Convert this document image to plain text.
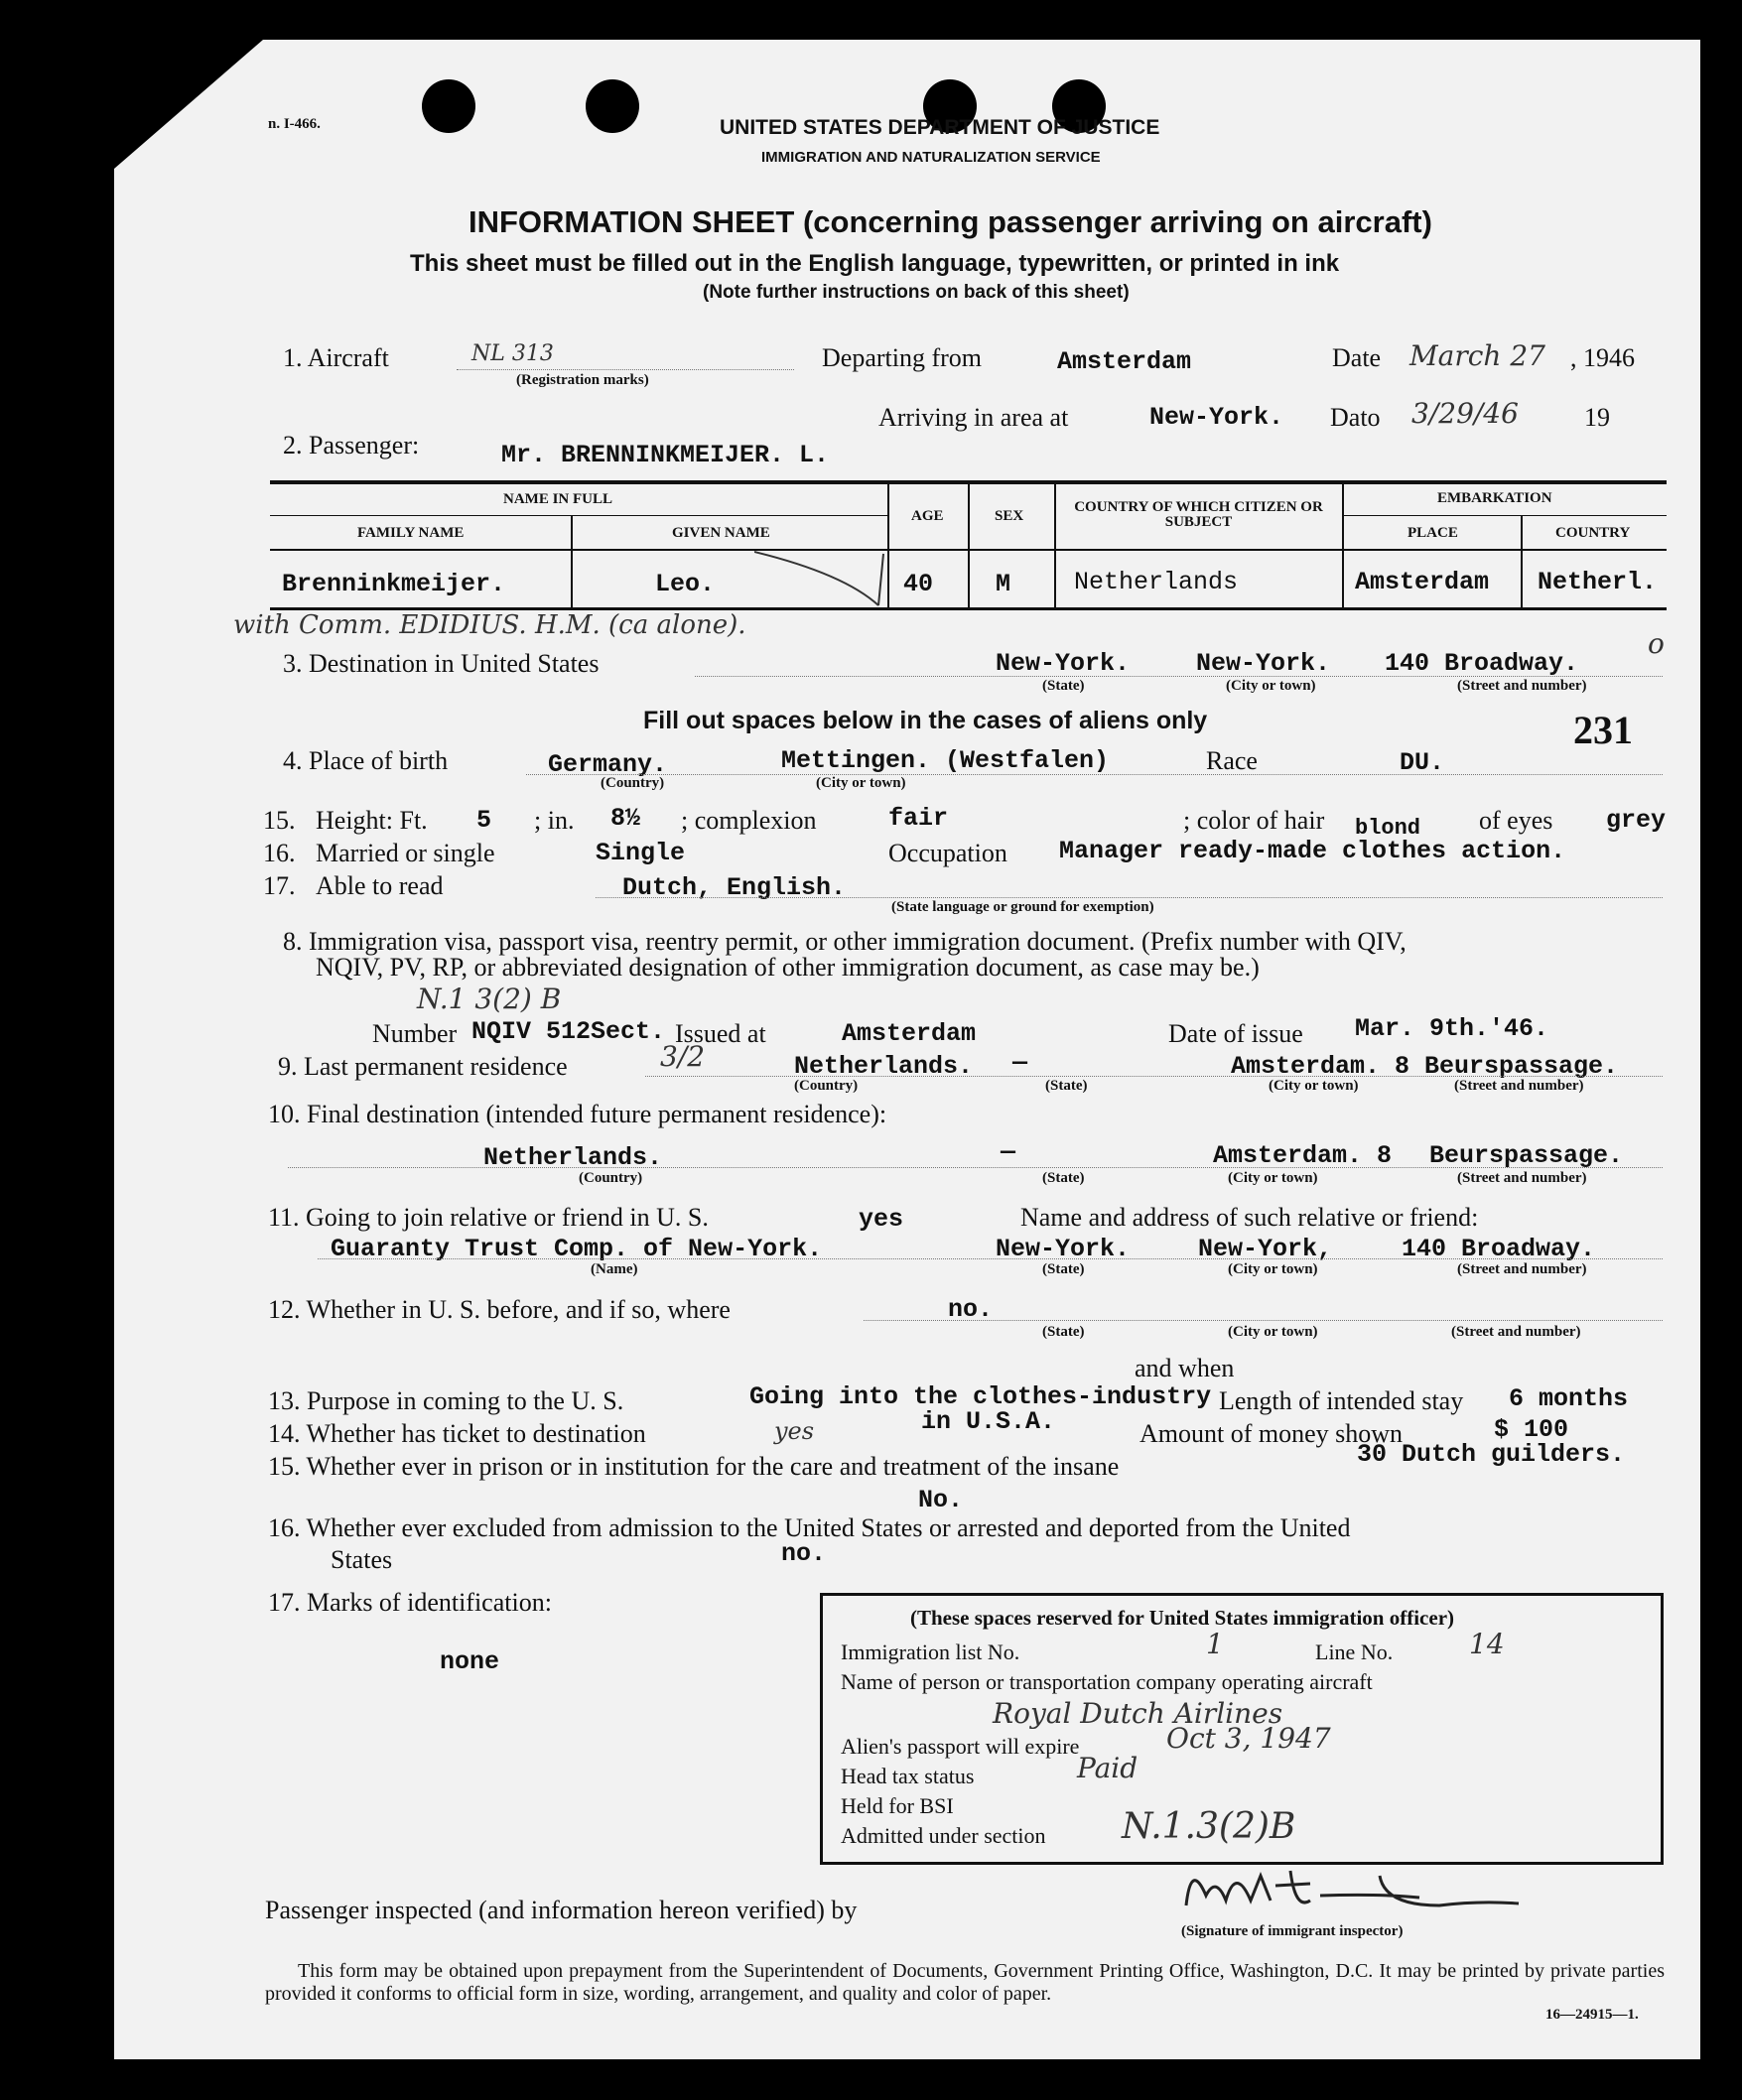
n. I-466.	UNITED STATES DEPARTMENT OF JUSTICE
IMMIGRATION AND NATURALIZATION SERVICE
INFORMATION SHEET (concerning passenger arriving on aircraft)
This sheet must be filled out in the English language, typewritten, or printed in ink
(Note further instructions on back of this sheet)
1. Aircraft	NL 313
(Registration marks)
Departing from	Amsterdam	Date March 27 , 1946
Arriving in area at	New-York. Dato 3/29/46	19
2. Passenger:	Mr. BRENNINKMEIJER. L.
NAME IN FULL
FAMILY NAME	GIVEN NAME
AGE	SEX
COUNTRY OF WHICH CITIZEN OR SUBJECT
EMBARKATION
PLACE	COUNTRY
Brenninkmeijer.	Leo.	40	M	Netherlands	Amsterdam Netherl.
with Comm. EDIDIUS. H.M. (ca alone).
3. Destination in United States	New-York.	New-York. 140 Broadway.
o
(State)	(City or town)	(Street and number)
Fill out spaces below in the cases of aliens only	231
4. Place of birth	Germany.	Mettingen. (Westfalen)	Race	DU.
(Country)	(City or town)
15. Height: Ft. 5 ; in. 8½ ; complexion	fair	; color of hair blond of eyes grey
16. Married or single	Single	Occupation Manager ready-made clothes action.
17. Able to read	Dutch, English.
(State language or ground for exemption)
8. Immigration visa, passport visa, reentry permit, or other immigration document. (Prefix number with QIV,
NQIV, PV, RP, or abbreviated designation of other immigration document, as case may be.)
N.1 3(2) B
Number NQIV 512Sect. Issued at	Amsterdam	Date of issue Mar. 9th.'46.
9. Last permanent residence	3/2	Netherlands. —	Amsterdam. 8 Beurspassage.
(Country)	(State)	(City or town)	(Street and number)
10. Final destination (intended future permanent residence):
Netherlands.	—	Amsterdam. 8 Beurspassage.
(Country)	(State)	(City or town)	(Street and number)
11. Going to join relative or friend in U. S.	yes	Name and address of such relative or friend:
Guaranty Trust Comp. of New-York.	New-York.	New-York,	140 Broadway.
(Name)	(State)	(City or town)	(Street and number)
12. Whether in U. S. before, and if so, where	no.
(State)	(City or town)	(Street and number)
and when
13. Purpose in coming to the U. S.	Going into the clothes-industry
in U.S.A.
Length of intended stay 6 months
14. Whether has ticket to destination	yes	Amount of money shown	$ 100
30 Dutch guilders.
15. Whether ever in prison or in institution for the care and treatment of the insane
No.
16. Whether ever excluded from admission to the United States or arrested and deported from the United
States	no.
17. Marks of identification:
none
(These spaces reserved for United States immigration officer)
Immigration list No.	1	Line No.	14
Name of person or transportation company operating aircraft
Royal Dutch Airlines
Alien's passport will expire	Oct 3, 1947
Head tax status	Paid
Held for BSI
Admitted under section N.1.3(2)B
Passenger inspected (and information hereon verified) by
(Signature of immigrant inspector)
This form may be obtained upon prepayment from the Superintendent of Documents, Government Printing Office, Washington, D.C. It may be printed by private parties provided it conforms to official form in size, wording, arrangement, and quality and color of paper.
16—24915—1.
